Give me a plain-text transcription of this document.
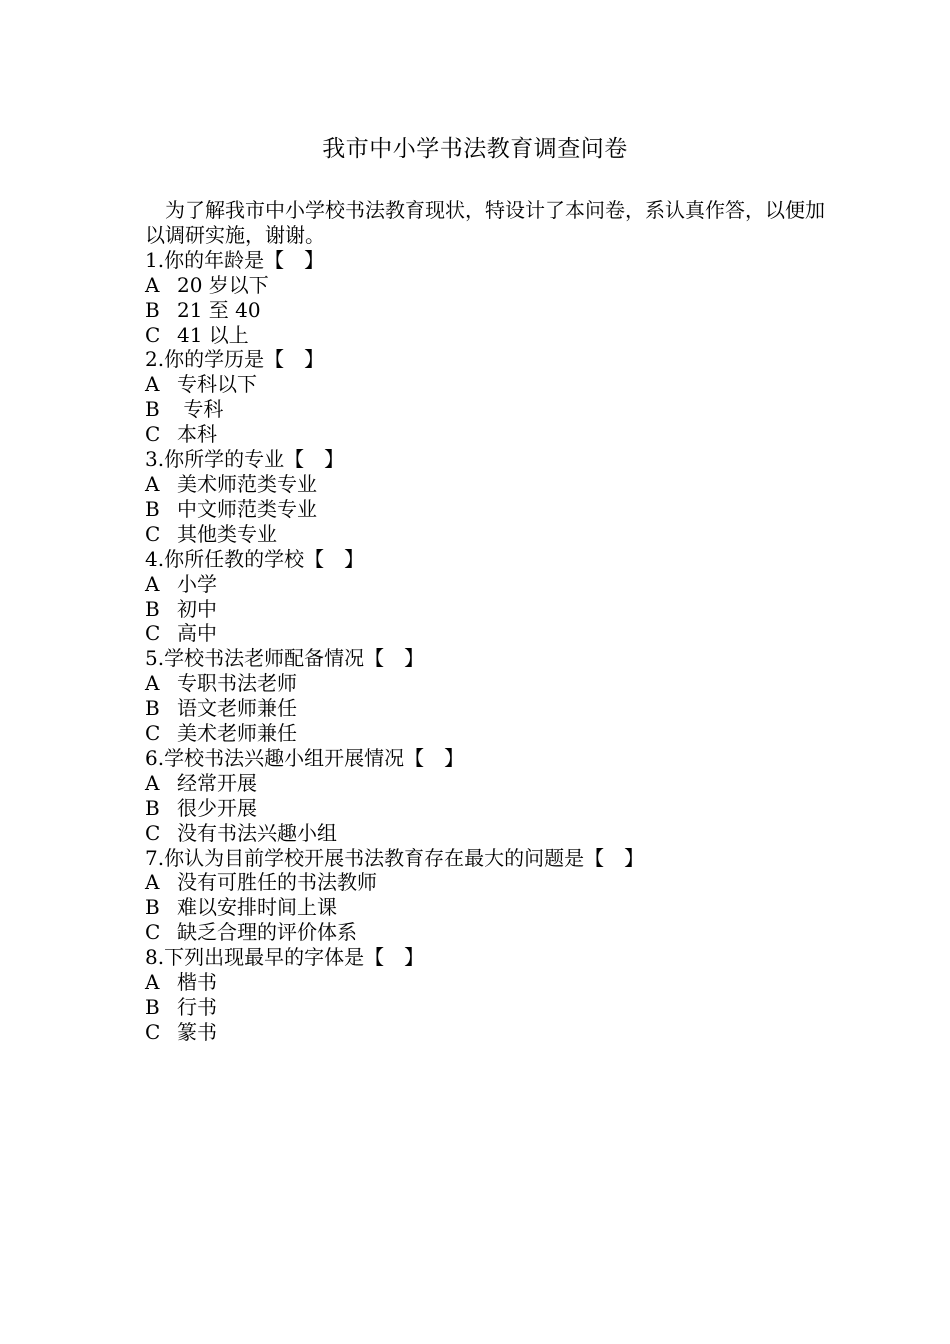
我市中小学书法教育调查问卷

为了解我市中小学校书法教育现状，特设计了本问卷，系认真作答，以便加以调研实施，谢谢。

1.你的年龄是【　】

A 20 岁以下

B 21 至 40

C 41 以上

2.你的学历是【　】

A 专科以下

B 专科

C 本科

3.你所学的专业【　】

A 美术师范类专业

B 中文师范类专业

C 其他类专业

4.你所任教的学校【　】

A 小学

B 初中

C 高中

5.学校书法老师配备情况【　】

A 专职书法老师

B 语文老师兼任

C 美术老师兼任

6.学校书法兴趣小组开展情况【　】

A 经常开展

B 很少开展

C 没有书法兴趣小组

7.你认为目前学校开展书法教育存在最大的问题是【　】

A 没有可胜任的书法教师

B 难以安排时间上课

C 缺乏合理的评价体系

8.下列出现最早的字体是【　】

A 楷书

B 行书

C 篆书
